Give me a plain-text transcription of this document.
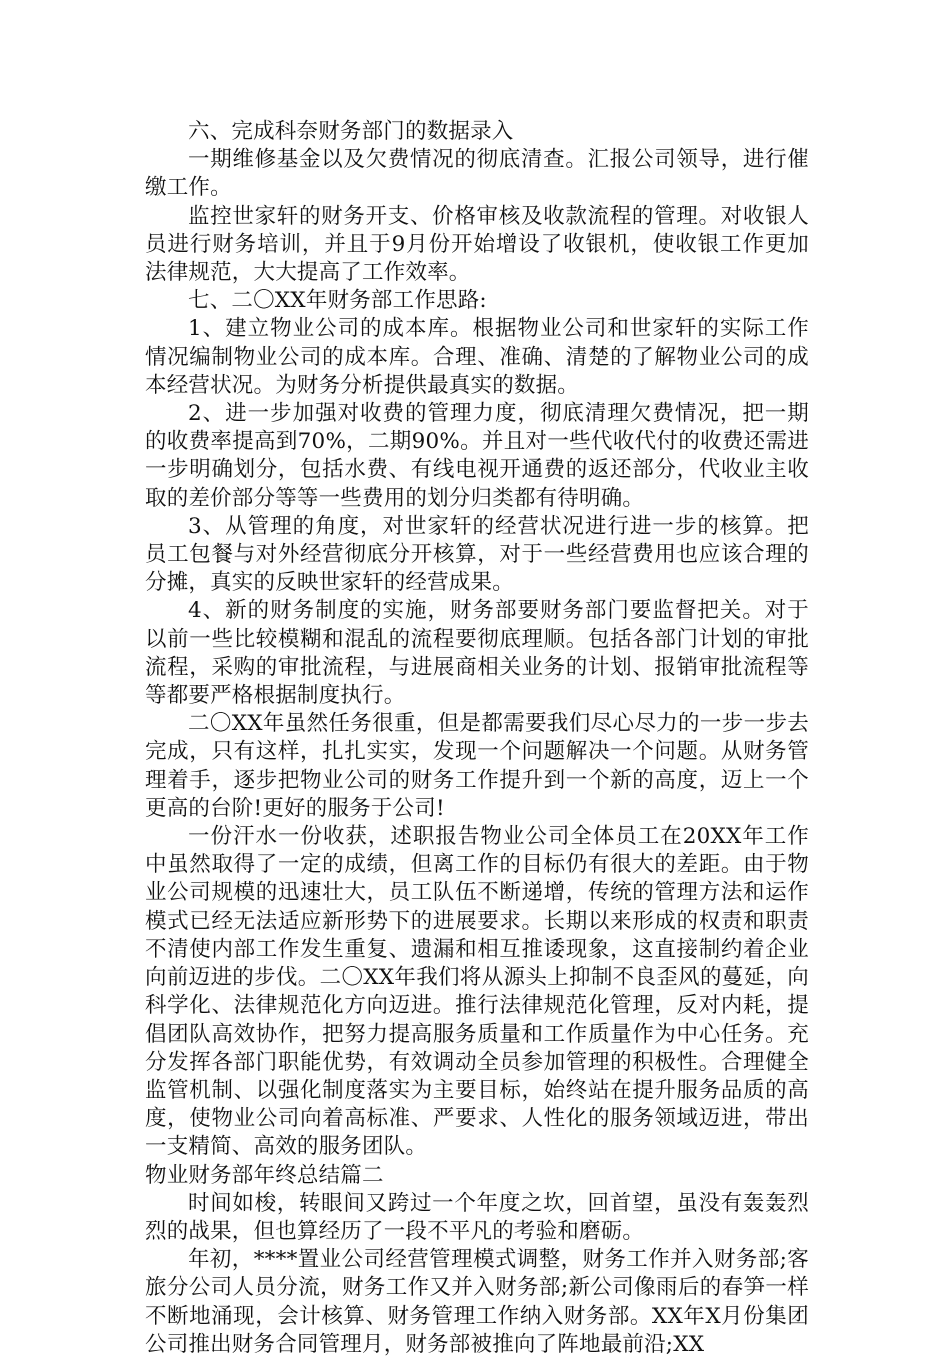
六、完成科奈财务部门的数据录入

一期维修基金以及欠费情况的彻底清查。汇报公司领导，进行催缴工作。

监控世家轩的财务开支、价格审核及收款流程的管理。对收银人员进行财务培训，并且于9月份开始增设了收银机，使收银工作更加法律规范，大大提高了工作效率。

七、二〇XX年财务部工作思路:

1、建立物业公司的成本库。根据物业公司和世家轩的实际工作情况编制物业公司的成本库。合理、准确、清楚的了解物业公司的成本经营状况。为财务分析提供最真实的数据。

2、进一步加强对收费的管理力度，彻底清理欠费情况，把一期的收费率提高到70%，二期90%。并且对一些代收代付的收费还需进一步明确划分，包括水费、有线电视开通费的返还部分，代收业主收取的差价部分等等一些费用的划分归类都有待明确。

3、从管理的角度，对世家轩的经营状况进行进一步的核算。把员工包餐与对外经营彻底分开核算，对于一些经营费用也应该合理的分摊，真实的反映世家轩的经营成果。

4、新的财务制度的实施，财务部要财务部门要监督把关。对于以前一些比较模糊和混乱的流程要彻底理顺。包括各部门计划的审批流程，采购的审批流程，与进展商相关业务的计划、报销审批流程等等都要严格根据制度执行。

二〇XX年虽然任务很重，但是都需要我们尽心尽力的一步一步去完成，只有这样，扎扎实实，发现一个问题解决一个问题。从财务管理着手，逐步把物业公司的财务工作提升到一个新的高度，迈上一个更高的台阶!更好的服务于公司!

一份汗水一份收获，述职报告物业公司全体员工在20XX年工作中虽然取得了一定的成绩，但离工作的目标仍有很大的差距。由于物业公司规模的迅速壮大，员工队伍不断递增，传统的管理方法和运作模式已经无法适应新形势下的进展要求。长期以来形成的权责和职责不清使内部工作发生重复、遗漏和相互推诿现象，这直接制约着企业向前迈进的步伐。二〇XX年我们将从源头上抑制不良歪风的蔓延，向科学化、法律规范化方向迈进。推行法律规范化管理，反对内耗，提倡团队高效协作，把努力提高服务质量和工作质量作为中心任务。充分发挥各部门职能优势，有效调动全员参加管理的积极性。合理健全监管机制、以强化制度落实为主要目标，始终站在提升服务品质的高度，使物业公司向着高标准、严要求、人性化的服务领域迈进，带出一支精简、高效的服务团队。

物业财务部年终总结篇二

时间如梭，转眼间又跨过一个年度之坎，回首望，虽没有轰轰烈烈的战果，但也算经历了一段不平凡的考验和磨砺。

年初，****置业公司经营管理模式调整，财务工作并入财务部;客旅分公司人员分流，财务工作又并入财务部;新公司像雨后的春笋一样不断地涌现，会计核算、财务管理工作纳入财务部。XX年X月份集团公司推出财务合同管理月，财务部被推向了阵地最前沿;XX
